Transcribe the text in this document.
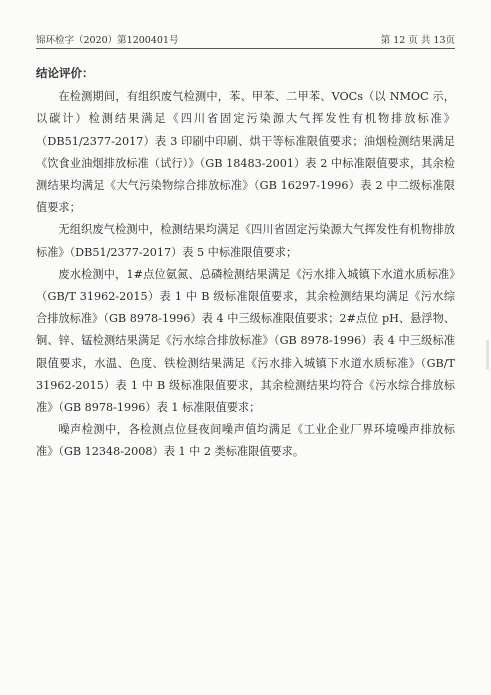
锦环检字（2020）第1200401号	第 12 页 共 13页
结论评价：

在检测期间，有组织废气检测中，苯、甲苯、二甲苯、VOCs（以 NMOC 示，以碳计）检测结果满足《四川省固定污染源大气挥发性有机物排放标准》（DB51/2377-2017）表 3 印刷中印刷、烘干等标准限值要求；油烟检测结果满足《饮食业油烟排放标准（试行）》（GB 18483-2001）表 2 中标准限值要求，其余检测结果均满足《大气污染物综合排放标准》（GB 16297-1996）表 2 中二级标准限值要求；

无组织废气检测中，检测结果均满足《四川省固定污染源大气挥发性有机物排放标准》（DB51/2377-2017）表 5 中标准限值要求；

废水检测中，1#点位氨氮、总磷检测结果满足《污水排入城镇下水道水质标准》（GB/T 31962-2015）表 1 中 B 级标准限值要求，其余检测结果均满足《污水综合排放标准》（GB 8978-1996）表 4 中三级标准限值要求；2#点位 pH、悬浮物、铜、锌、锰检测结果满足《污水综合排放标准》（GB 8978-1996）表 4 中三级标准限值要求，水温、色度、铁检测结果满足《污水排入城镇下水道水质标准》（GB/T 31962-2015）表 1 中 B 级标准限值要求，其余检测结果均符合《污水综合排放标准》（GB 8978-1996）表 1 标准限值要求；

噪声检测中，各检测点位昼夜间噪声值均满足《工业企业厂界环境噪声排放标准》（GB 12348-2008）表 1 中 2 类标准限值要求。
